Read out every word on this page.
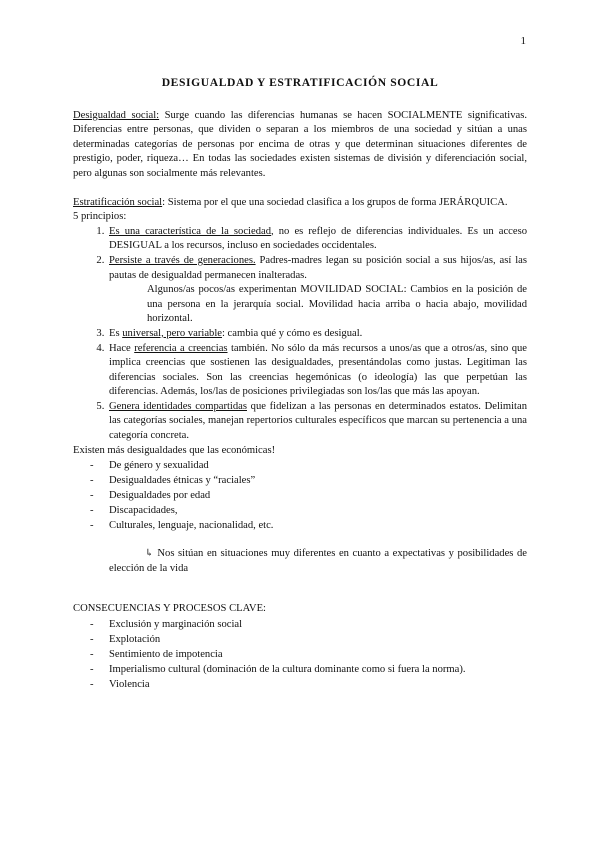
1
DESIGUALDAD Y ESTRATIFICACIÓN SOCIAL

Desigualdad social: Surge cuando las diferencias humanas se hacen SOCIALMENTE significativas. Diferencias entre personas, que dividen o separan a los miembros de una sociedad y sitúan a unas determinadas categorías de personas por encima de otras y que determinan situaciones diferentes de prestigio, poder, riqueza… En todas las sociedades existen sistemas de división y diferenciación social, pero algunas son socialmente más relevantes.

Estratificación social: Sistema por el que una sociedad clasifica a los grupos de forma JERÁRQUICA.

5 principios:

1. Es una característica de la sociedad, no es reflejo de diferencias individuales. Es un acceso DESIGUAL a los recursos, incluso en sociedades occidentales.
2. Persiste a través de generaciones. Padres-madres legan su posición social a sus hijos/as, así las pautas de desigualdad permanecen inalteradas.
Algunos/as pocos/as experimentan MOVILIDAD SOCIAL: Cambios en la posición de una persona en la jerarquía social. Movilidad hacia arriba o hacia abajo, movilidad horizontal.
3. Es universal, pero variable: cambia qué y cómo es desigual.
4. Hace referencia a creencias también. No sólo da más recursos a unos/as que a otros/as, sino que implica creencias que sostienen las desigualdades, presentándolas como justas. Legitiman las diferencias sociales. Son las creencias hegemónicas (o ideología) las que perpetúan las diferencias. Además, los/las de posiciones privilegiadas son los/las que más las apoyan.
5. Genera identidades compartidas que fidelizan a las personas en determinados estatos. Delimitan las categorías sociales, manejan repertorios culturales específicos que marcan su pertenencia a una categoría concreta.

Existen más desigualdades que las económicas!

- De género y sexualidad
- Desigualdades étnicas y “raciales”
- Desigualdades por edad
- Discapacidades,
- Culturales, lenguaje, nacionalidad, etc.

↳ Nos sitúan en situaciones muy diferentes en cuanto a expectativas y posibilidades de elección de la vida

CONSECUENCIAS Y PROCESOS CLAVE:

- Exclusión y marginación social
- Explotación
- Sentimiento de impotencia
- Imperialismo cultural (dominación de la cultura dominante como si fuera la norma).
- Violencia
